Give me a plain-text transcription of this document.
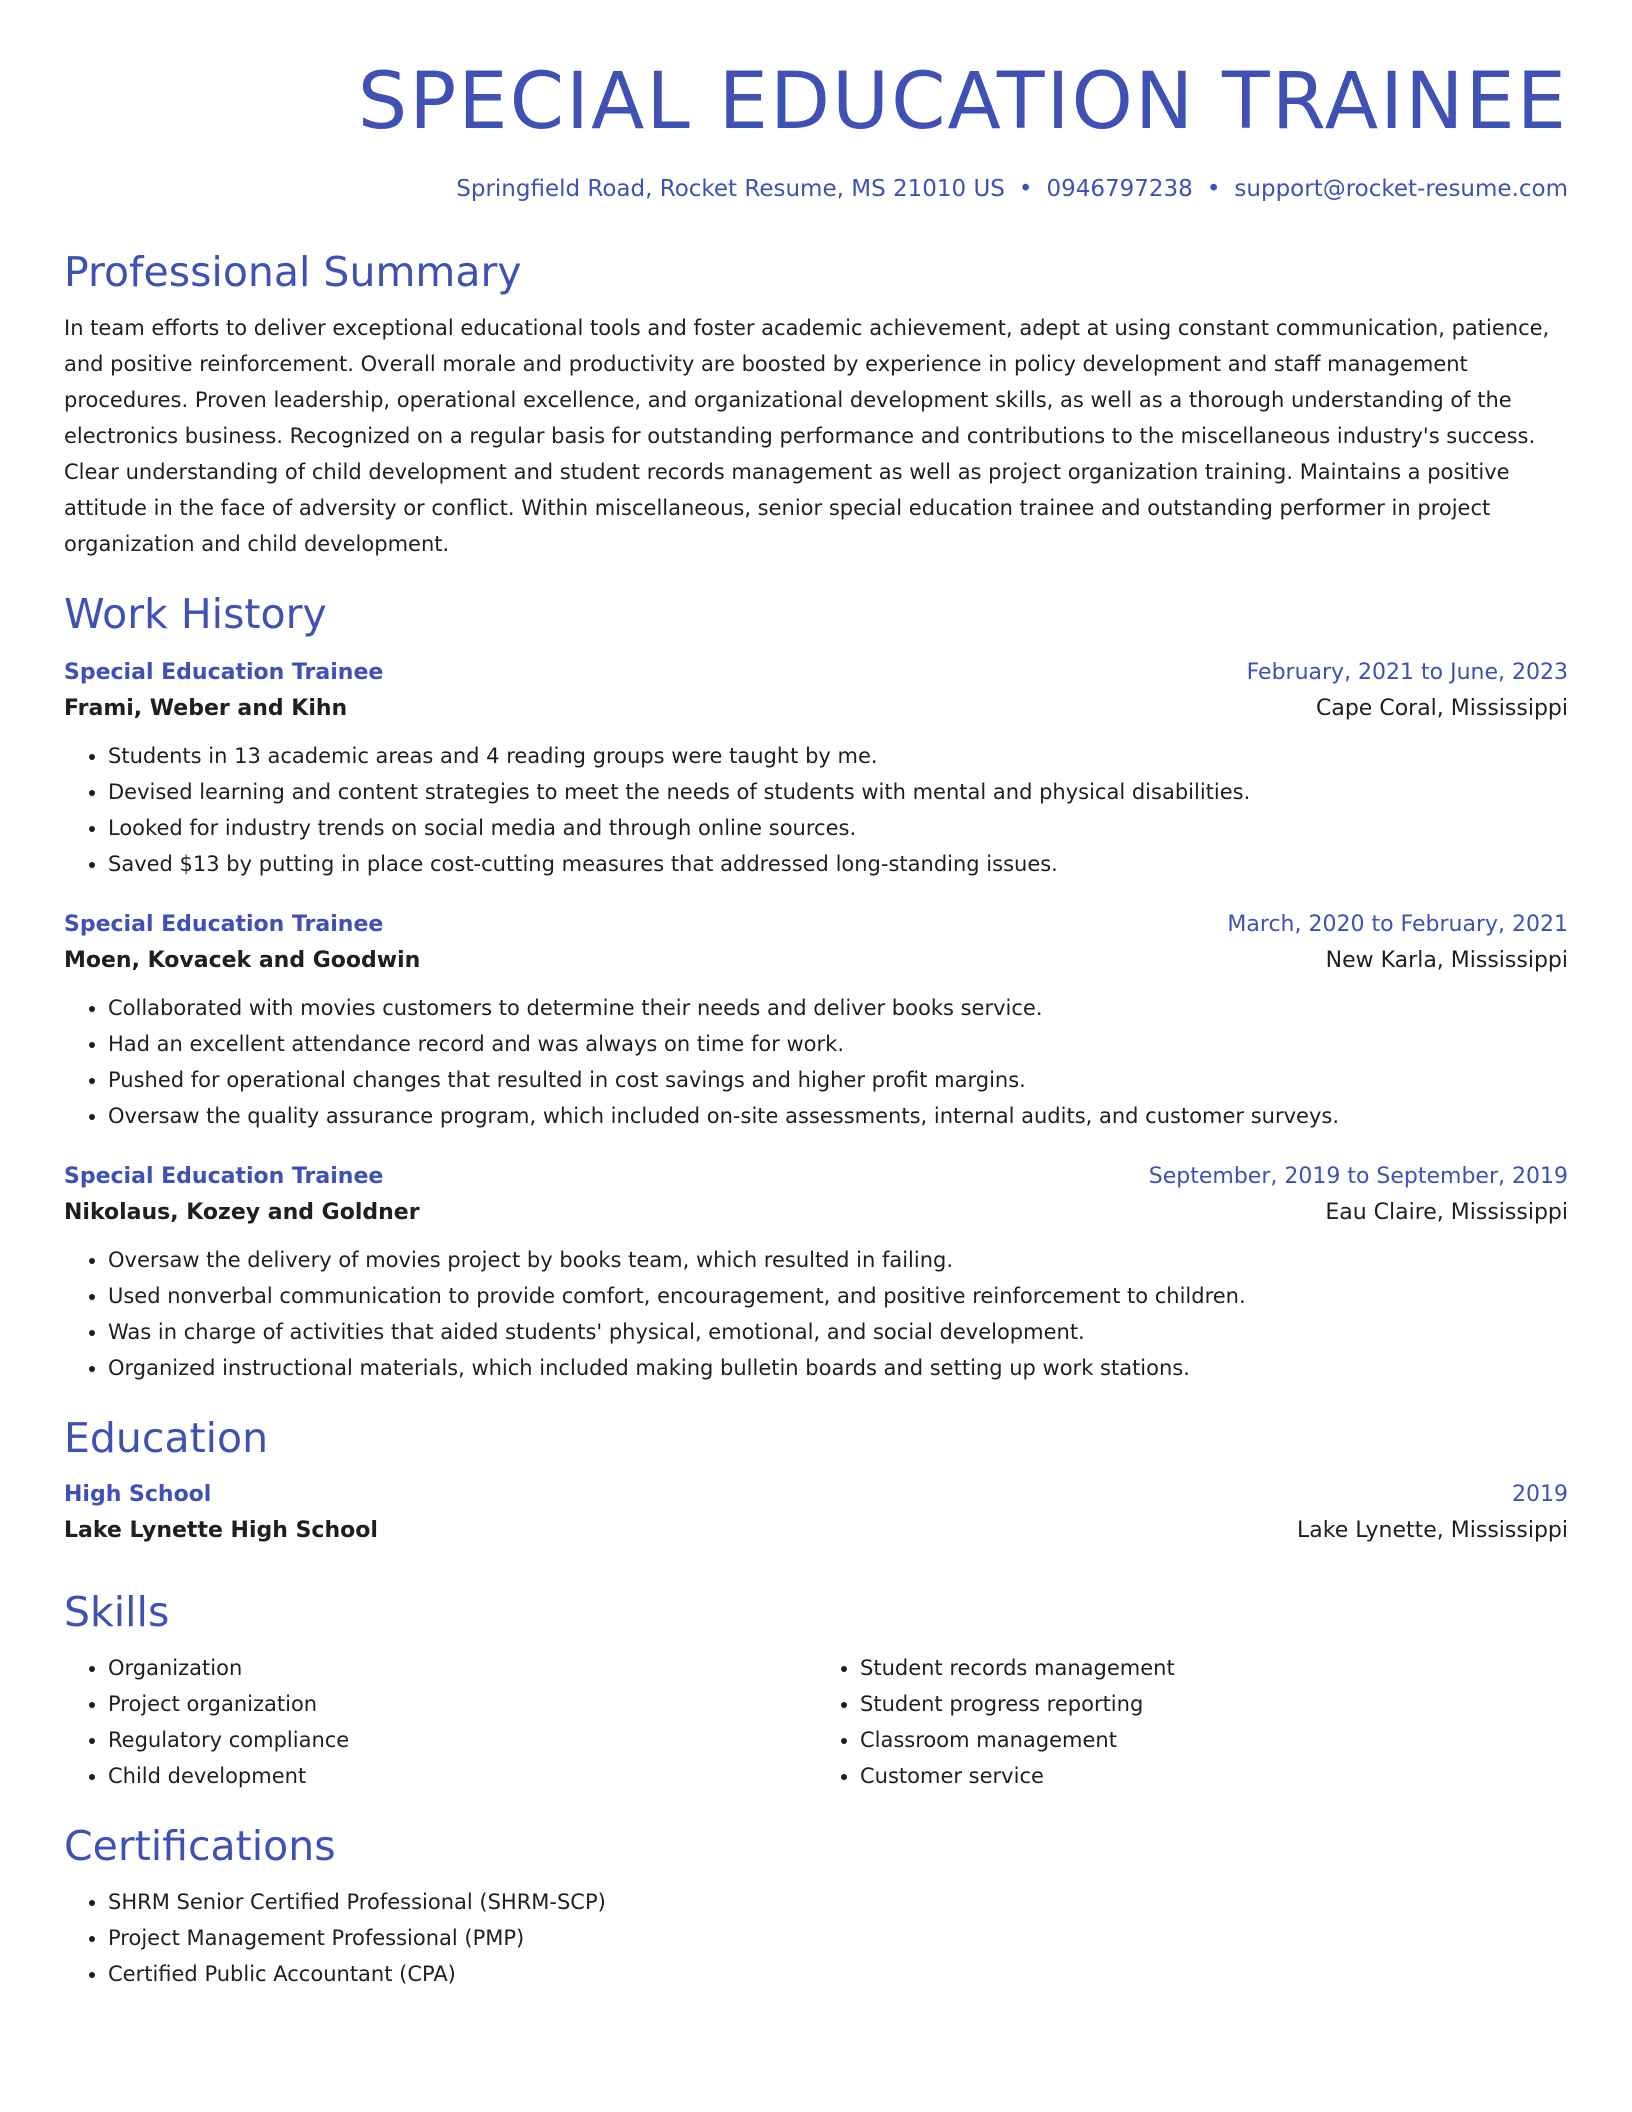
SPECIAL EDUCATION TRAINEE
Springfield Road, Rocket Resume, MS 21010 US • 0946797238 • support@rocket-resume.com
Professional Summary

In team efforts to deliver exceptional educational tools and foster academic achievement, adept at using constant communication, patience, and positive reinforcement. Overall morale and productivity are boosted by experience in policy development and staff management procedures. Proven leadership, operational excellence, and organizational development skills, as well as a thorough understanding of the electronics business. Recognized on a regular basis for outstanding performance and contributions to the miscellaneous industry's success. Clear understanding of child development and student records management as well as project organization training. Maintains a positive attitude in the face of adversity or conflict. Within miscellaneous, senior special education trainee and outstanding performer in project organization and child development.

Work History
Special Education Trainee	February, 2021 to June, 2023
Frami, Weber and Kihn	Cape Coral, Mississippi
• Students in 13 academic areas and 4 reading groups were taught by me.
• Devised learning and content strategies to meet the needs of students with mental and physical disabilities.
• Looked for industry trends on social media and through online sources.
• Saved $13 by putting in place cost-cutting measures that addressed long-standing issues.
Special Education Trainee	March, 2020 to February, 2021
Moen, Kovacek and Goodwin	New Karla, Mississippi
• Collaborated with movies customers to determine their needs and deliver books service.
• Had an excellent attendance record and was always on time for work.
• Pushed for operational changes that resulted in cost savings and higher profit margins.
• Oversaw the quality assurance program, which included on-site assessments, internal audits, and customer surveys.
Special Education Trainee	September, 2019 to September, 2019
Nikolaus, Kozey and Goldner	Eau Claire, Mississippi
• Oversaw the delivery of movies project by books team, which resulted in failing.
• Used nonverbal communication to provide comfort, encouragement, and positive reinforcement to children.
• Was in charge of activities that aided students' physical, emotional, and social development.
• Organized instructional materials, which included making bulletin boards and setting up work stations.
Education
High School	2019
Lake Lynette High School	Lake Lynette, Mississippi
Skills
• Organization
• Project organization
• Regulatory compliance
• Child development
• Student records management
• Student progress reporting
• Classroom management
• Customer service
Certifications
• SHRM Senior Certified Professional (SHRM-SCP)
• Project Management Professional (PMP)
• Certified Public Accountant (CPA)
